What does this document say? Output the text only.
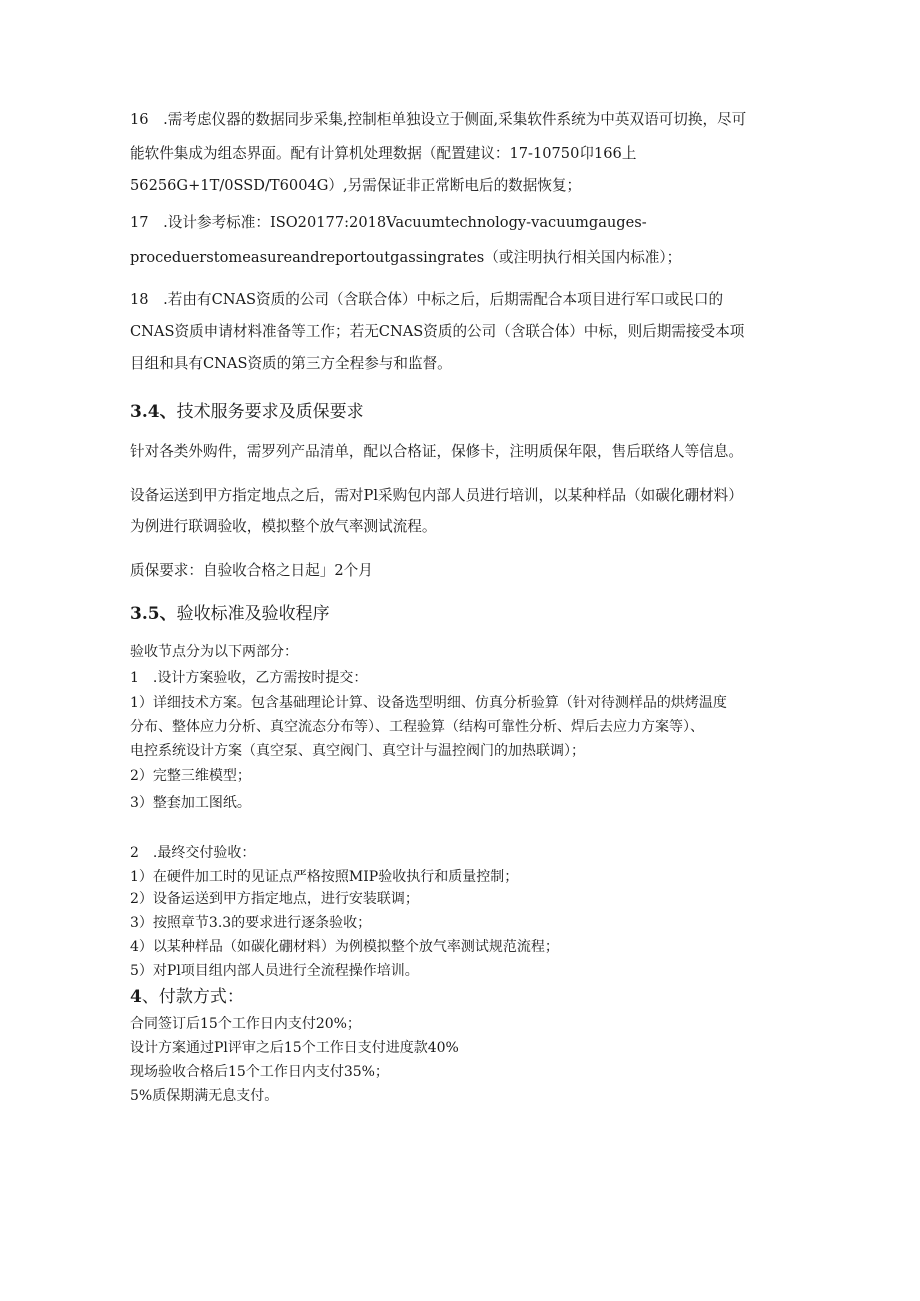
16　.需考虑仪器的数据同步采集,控制柜单独设立于侧面,采集软件系统为中英双语可切换，尽可
能软件集成为组态界面。配有计算机处理数据（配置建议：17-10750卬166上
56256G+1T/0SSD/T6004G）,另需保证非正常断电后的数据恢复；
17　.设计参考标准：ISO20177:2018Vacuumtechnology-vacuumgauges-
proceduerstomeasureandreportoutgassingrates（或注明执行相关国内标准）；
18　.若由有CNAS资质的公司（含联合体）中标之后，后期需配合本项目进行军口或民口的
CNAS资质申请材料准备等工作；若无CNAS资质的公司（含联合体）中标，则后期需接受本项
目组和具有CNAS资质的第三方全程参与和监督。
3.4、技术服务要求及质保要求
针对各类外购件，需罗列产品清单，配以合格证，保修卡，注明质保年限，售后联络人等信息。
设备运送到甲方指定地点之后，需对Pl采购包内部人员进行培训，以某种样品（如碳化硼材料）
为例进行联调验收，模拟整个放气率测试流程。
质保要求：自验收合格之日起」2个月
3.5、验收标准及验收程序
验收节点分为以下两部分：
1　.设计方案验收，乙方需按时提交：
1）详细技术方案。包含基础理论计算、设备选型明细、仿真分析验算（针对待测样品的烘烤温度
分布、整体应力分析、真空流态分布等）、工程验算（结构可靠性分析、焊后去应力方案等）、
电控系统设计方案（真空泵、真空阀门、真空计与温控阀门的加热联调）；
2）完整三维模型；
3）整套加工图纸。
2　.最终交付验收：
1）在硬件加工时的见证点严格按照MIP验收执行和质量控制；
2）设备运送到甲方指定地点，进行安装联调；
3）按照章节3.3的要求进行逐条验收；
4）以某种样品（如碳化硼材料）为例模拟整个放气率测试规范流程；
5）对Pl项目组内部人员进行全流程操作培训。
4、付款方式：
合同签订后15个工作日内支付20%；
设计方案通过Pl评审之后15个工作日支付进度款40%
现场验收合格后15个工作日内支付35%；
5%质保期满无息支付。
